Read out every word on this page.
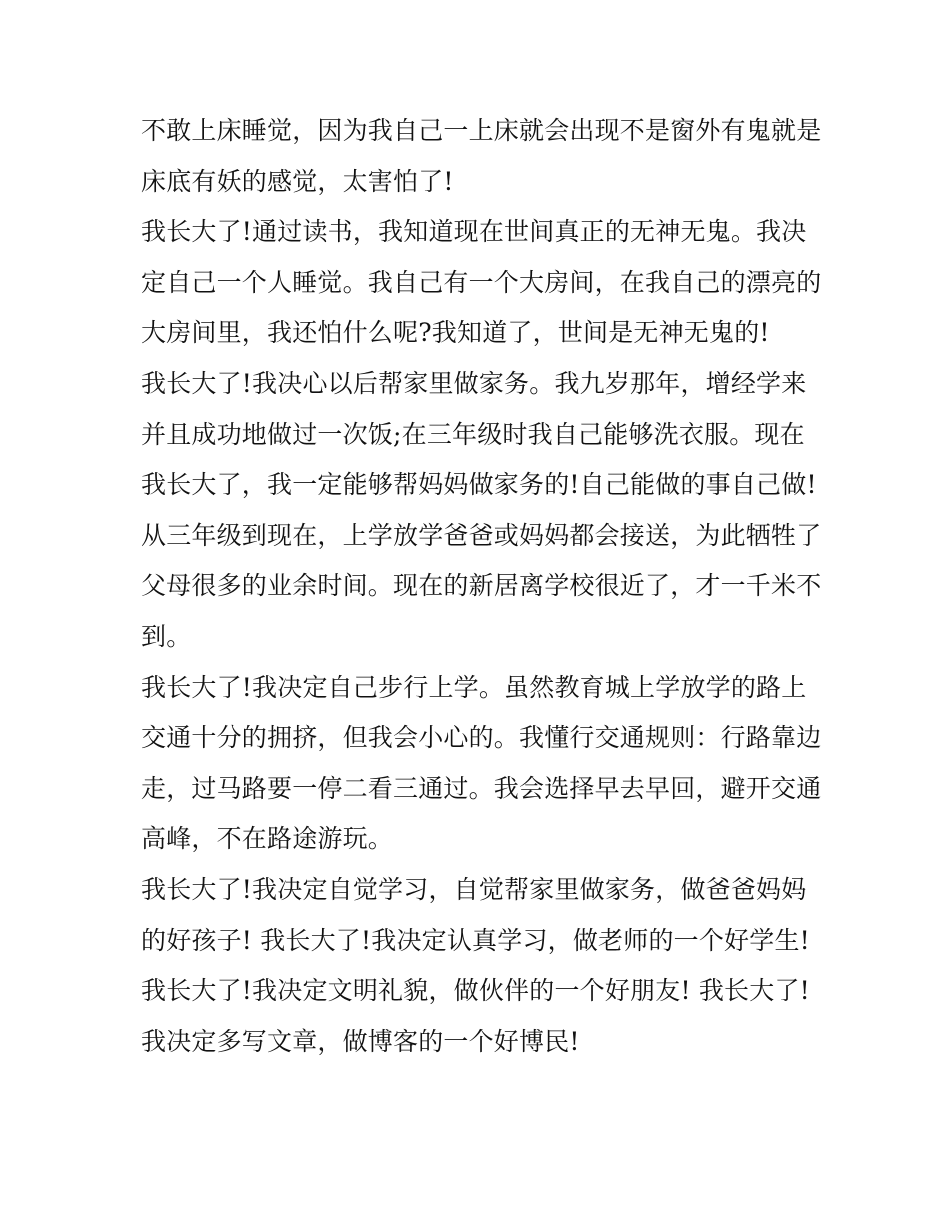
不敢上床睡觉，因为我自己一上床就会出现不是窗外有鬼就是
床底有妖的感觉，太害怕了!
我长大了!通过读书，我知道现在世间真正的无神无鬼。我决
定自己一个人睡觉。我自己有一个大房间，在我自己的漂亮的
大房间里，我还怕什么呢?我知道了，世间是无神无鬼的!
我长大了!我决心以后帮家里做家务。我九岁那年，增经学来
并且成功地做过一次饭;在三年级时我自己能够洗衣服。现在
我长大了，我一定能够帮妈妈做家务的!自己能做的事自己做!
从三年级到现在，上学放学爸爸或妈妈都会接送，为此牺牲了
父母很多的业余时间。现在的新居离学校很近了，才一千米不
到。
我长大了!我决定自己步行上学。虽然教育城上学放学的路上
交通十分的拥挤，但我会小心的。我懂行交通规则：行路靠边
走，过马路要一停二看三通过。我会选择早去早回，避开交通
高峰，不在路途游玩。
我长大了!我决定自觉学习，自觉帮家里做家务，做爸爸妈妈
的好孩子! 我长大了!我决定认真学习，做老师的一个好学生!
我长大了!我决定文明礼貌，做伙伴的一个好朋友! 我长大了!
我决定多写文章，做博客的一个好博民!
